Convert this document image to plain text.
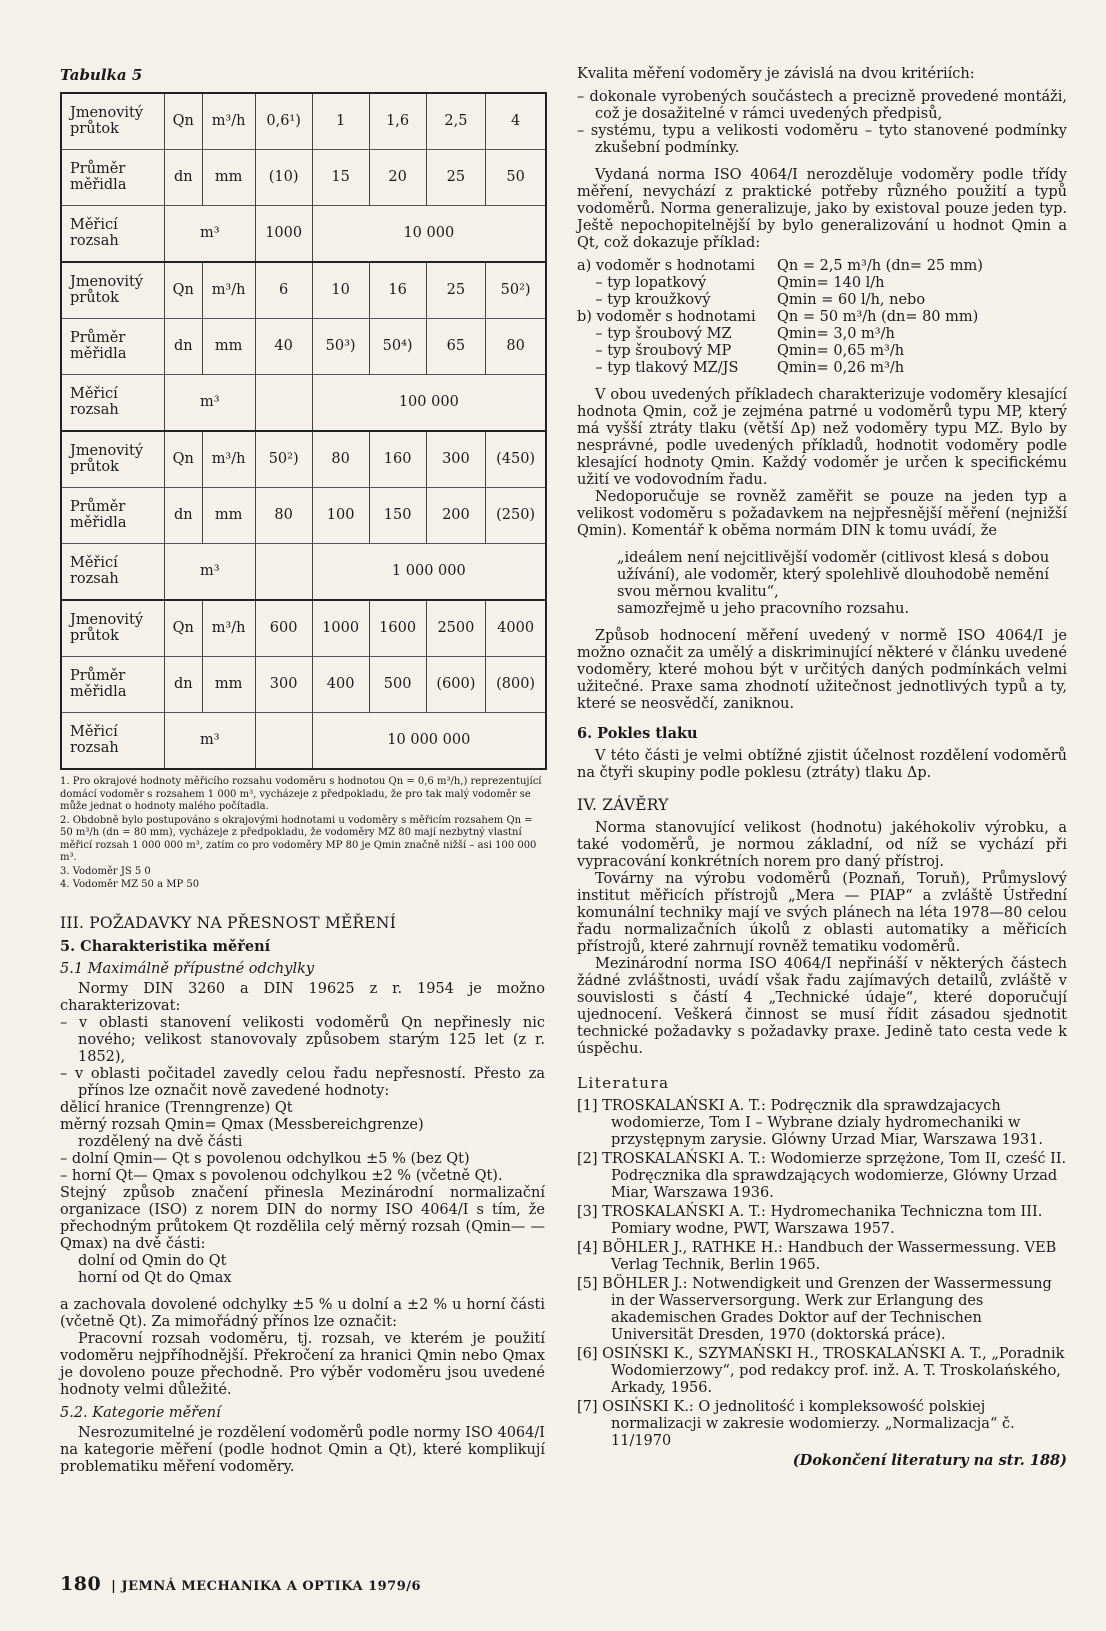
Tabulka 5
Jmenovitý průtok	Qn	m³/h	0,6¹)	1	1,6	2,5	4
Průměr měřidla	dn	mm	(10)	15	20	25	50
Měřicí rozsah	m³		1000	10 000			
Jmenovitý průtok	Qn	m³/h	6	10	16	25	50²)
Průměr měřidla	dn	mm	40	50³)	50⁴)	65	80
Měřicí rozsah	m³			100 000			
Jmenovitý průtok	Qn	m³/h	50²)	80	160	300	(450)
Průměr měřidla	dn	mm	80	100	150	200	(250)
Měřicí rozsah	m³			1 000 000			
Jmenovitý průtok	Qn	m³/h	600	1000	1600	2500	4000
Průměr měřidla	dn	mm	300	400	500	(600)	(800)
Měřicí rozsah	m³			10 000 000			
1. Pro okrajové hodnoty měřicího rozsahu vodoměru s hodnotou Qn = 0,6 m³/h,) reprezentující domácí vodoměr s rozsahem 1 000 m³, vycházeje z předpokladu, že pro tak malý vodoměr se může jednat o hodnoty malého počítadla.
2. Obdobně bylo postupováno s okrajovými hodnotami u vodoměry s měřicím rozsahem Qn = 50 m³/h (dn = 80 mm), vycházeje z předpokladu, že vodoměry MZ 80 mají nezbytný vlastní měřicí rozsah 1 000 000 m³, zatím co pro vodoměry MP 80 je Qmin značně nižší – asi 100 000 m³.
3. Vodoměr JS 5 0
4. Vodoměr MZ 50 a MP 50
III. POŽADAVKY NA PŘESNOST MĚŘENÍ
5. Charakteristika měření
5.1 Maximálně přípustné odchylky

Normy DIN 3260 a DIN 19625 z r. 1954 je možno charakterizovat:

– v oblasti stanovení velikosti vodoměrů Qn nepřinesly nic nového; velikost stanovovaly způsobem starým 125 let (z r. 1852),

– v oblasti počitadel zavedly celou řadu nepřesností. Přesto za přínos lze označit nově zavedené hodnoty:

dělicí hranice (Trenngrenze) Qt

měrný rozsah Qmin= Qmax (Messbereichgrenze)

rozdělený na dvě části

– dolní Qmin— Qt s povolenou odchylkou ±5 % (bez Qt)

– horní Qt— Qmax s povolenou odchylkou ±2 % (včetně Qt).

Stejný způsob značení přinesla Mezinárodní normalizační organizace (ISO) z norem DIN do normy ISO 4064/I s tím, že přechodným průtokem Qt rozdělila celý měrný rozsah (Qmin— — Qmax) na dvě části:

dolní od Qmin do Qt

horní od Qt do Qmax

a zachovala dovolené odchylky ±5 % u dolní a ±2 % u horní části (včetně Qt). Za mimořádný přínos lze označit:

Pracovní rozsah vodoměru, tj. rozsah, ve kterém je použití vodoměru nejpříhodnější. Překročení za hranici Qmin nebo Qmax je dovoleno pouze přechodně. Pro výběr vodoměru jsou uvedené hodnoty velmi důležité.

5.2. Kategorie měření

Nesrozumitelné je rozdělení vodoměrů podle normy ISO 4064/I na kategorie měření (podle hodnot Qmin a Qt), které komplikují problematiku měření vodoměry.

Kvalita měření vodoměry je závislá na dvou kritériích:

– dokonale vyrobených součástech a precizně provedené montáži, což je dosažitelné v rámci uvedených předpisů,

– systému, typu a velikosti vodoměru – tyto stanovené podmínky zkušební podmínky.

Vydaná norma ISO 4064/I nerozděluje vodoměry podle třídy měření, nevychází z praktické potřeby různého použití a typů vodoměrů. Norma generalizuje, jako by existoval pouze jeden typ. Ještě nepochopitelnější by bylo generalizování u hodnot Qmin a Qt, což dokazuje příklad:

a) vodoměr s hodnotami	Qn = 2,5 m³/h (dn= 25 mm)
– typ lopatkový	Qmin= 140 l/h
– typ kroužkový	Qmin = 60 l/h, nebo
b) vodoměr s hodnotami	Qn = 50 m³/h (dn= 80 mm)
– typ šroubový MZ	Qmin= 3,0 m³/h
– typ šroubový MP	Qmin= 0,65 m³/h
– typ tlakový MZ/JS	Qmin= 0,26 m³/h

V obou uvedených příkladech charakterizuje vodoměry klesající hodnota Qmin, což je zejména patrné u vodoměrů typu MP, který má vyšší ztráty tlaku (větší Δp) než vodoměry typu MZ. Bylo by nesprávné, podle uvedených příkladů, hodnotit vodoměry podle klesající hodnoty Qmin. Každý vodoměr je určen k specifickému užití ve vodovodním řadu.

Nedoporučuje se rovněž zaměřit se pouze na jeden typ a velikost vodoměru s požadavkem na nejpřesnější měření (nejnižší Qmin). Komentář k oběma normám DIN k tomu uvádí, že

„ideálem není nejcitlivější vodoměr (citlivost klesá s dobou užívání), ale vodoměr, který spolehlivě dlouhodobě nemění svou měrnou kvalitu“,

samozřejmě u jeho pracovního rozsahu.

Způsob hodnocení měření uvedený v normě ISO 4064/I je možno označit za umělý a diskriminující některé v článku uvedené vodoměry, které mohou být v určitých daných podmínkách velmi užitečné. Praxe sama zhodnotí užitečnost jednotlivých typů a ty, které se neosvědčí, zaniknou.

6. Pokles tlaku

V této části je velmi obtížné zjistit účelnost rozdělení vodoměrů na čtyři skupiny podle poklesu (ztráty) tlaku Δp.

IV. ZÁVĚRY

Norma stanovující velikost (hodnotu) jakéhokoliv výrobku, a také vodoměrů, je normou základní, od níž se vychází při vypracování konkrétních norem pro daný přístroj.

Továrny na výrobu vodoměrů (Poznaň, Toruň), Průmyslový institut měřicích přístrojů „Mera — PIAP“ a zvláště Ústřední komunální techniky mají ve svých plánech na léta 1978—80 celou řadu normalizačních úkolů z oblasti automatiky a měřicích přístrojů, které zahrnují rovněž tematiku vodoměrů.

Mezinárodní norma ISO 4064/I nepřináší v některých částech žádné zvláštnosti, uvádí však řadu zajímavých detailů, zvláště v souvislosti s částí 4 „Technické údaje“, které doporučují ujednocení. Veškerá činnost se musí řídit zásadou sjednotit technické požadavky s požadavky praxe. Jedině tato cesta vede k úspěchu.

Literatura
[1] TROSKALAŃSKI A. T.: Podręcznik dla sprawdzajacych wodomierze, Tom I – Wybrane dzialy hydromechaniki w przystępnym zarysie. Glówny Urzad Miar, Warszawa 1931.
[2] TROSKALAŃSKI A. T.: Wodomierze sprzężone, Tom II, cześć II. Podręcznika dla sprawdzających wodomierze, Glówny Urzad Miar, Warszawa 1936.
[3] TROSKALAŃSKI A. T.: Hydromechanika Techniczna tom III. Pomiary wodne, PWT, Warszawa 1957.
[4] BÖHLER J., RATHKE H.: Handbuch der Wassermessung. VEB Verlag Technik, Berlin 1965.
[5] BÖHLER J.: Notwendigkeit und Grenzen der Wassermessung in der Wasserversorgung. Werk zur Erlangung des akademischen Grades Doktor auf der Technischen Universität Dresden, 1970 (doktorská práce).
[6] OSIŃSKI K., SZYMAŃSKI H., TROSKALAŃSKI A. T., „Poradnik Wodomierzowy“, pod redakcy prof. inž. A. T. Troskolańského, Arkady, 1956.
[7] OSIŃSKI K.: O jednolitość i kompleksowość polskiej normalizacji w zakresie wodomierzy. „Normalizacja“ č. 11/1970

(Dokončení literatury na str. 188)

180 | JEMNÁ MECHANIKA A OPTIKA 1979/6
